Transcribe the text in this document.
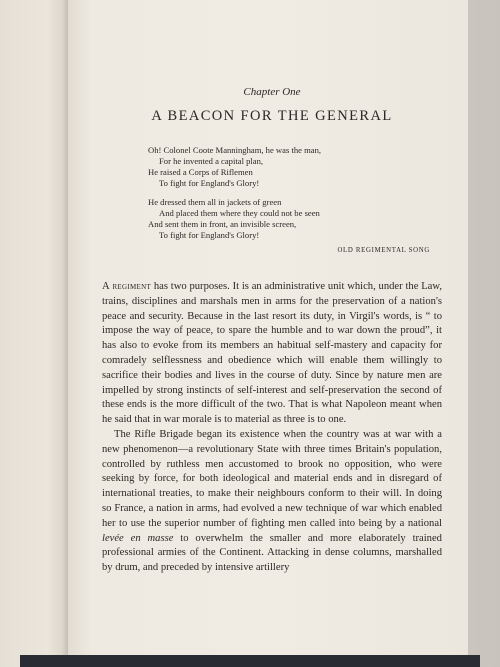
Chapter One
A BEACON FOR THE GENERAL
Oh! Colonel Coote Manningham, he was the man,
For he invented a capital plan,
He raised a Corps of Riflemen
To fight for England's Glory!
He dressed them all in jackets of green
And placed them where they could not be seen
And sent them in front, an invisible screen,
To fight for England's Glory!
OLD REGIMENTAL SONG

A regiment has two purposes. It is an administrative unit which, under the Law, trains, disciplines and marshals men in arms for the preservation of a nation's peace and security. Because in the last resort its duty, in Virgil's words, is “ to impose the way of peace, to spare the humble and to war down the proud”, it has also to evoke from its members an habitual self-mastery and capacity for comradely selflessness and obedience which will enable them willingly to sacrifice their bodies and lives in the course of duty. Since by nature men are impelled by strong instincts of self-interest and self-preservation the second of these ends is the more difficult of the two. That is what Napoleon meant when he said that in war morale is to material as three is to one.

The Rifle Brigade began its existence when the country was at war with a new phenomenon—a revolutionary State with three times Britain's population, controlled by ruthless men accustomed to brook no opposition, who were seeking by force, for both ideological and material ends and in disregard of international treaties, to make their neighbours conform to their will. In doing so France, a nation in arms, had evolved a new technique of war which enabled her to use the superior number of fighting men called into being by a national levée en masse to overwhelm the smaller and more elaborately trained professional armies of the Continent. Attacking in dense columns, marshalled by drum, and preceded by intensive artillery
